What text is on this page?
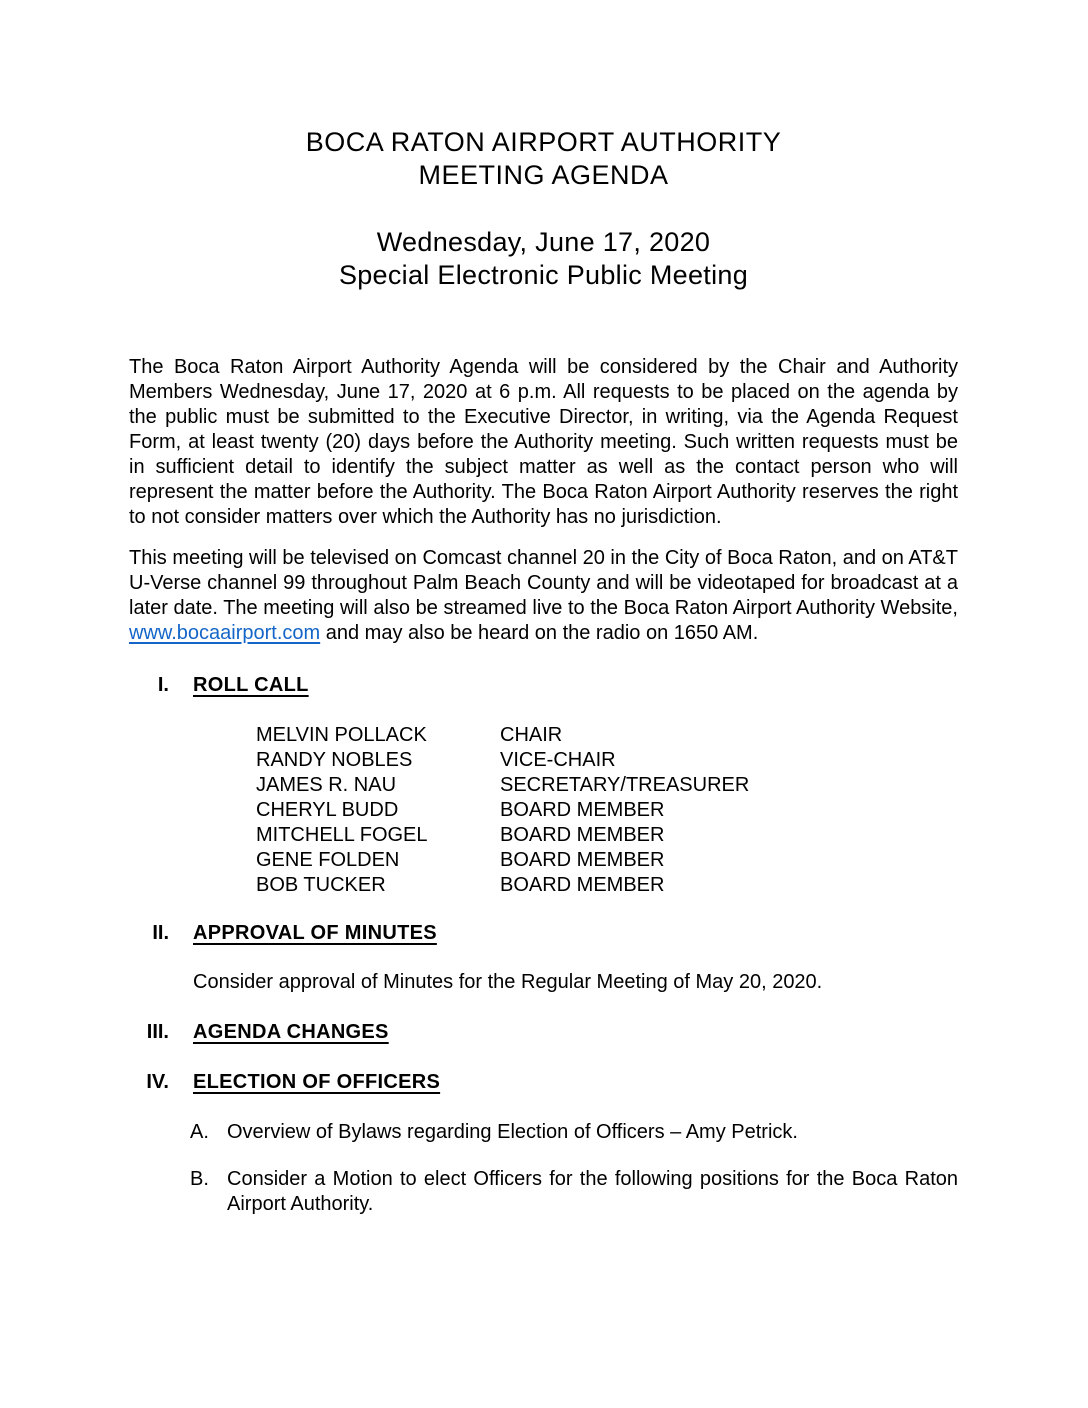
BOCA RATON AIRPORT AUTHORITY
MEETING AGENDA
Wednesday, June 17, 2020
Special Electronic Public Meeting

The Boca Raton Airport Authority Agenda will be considered by the Chair and Authority Members Wednesday, June 17, 2020 at 6 p.m. All requests to be placed on the agenda by the public must be submitted to the Executive Director, in writing, via the Agenda Request Form, at least twenty (20) days before the Authority meeting. Such written requests must be in sufficient detail to identify the subject matter as well as the contact person who will represent the matter before the Authority. The Boca Raton Airport Authority reserves the right to not consider matters over which the Authority has no jurisdiction.

This meeting will be televised on Comcast channel 20 in the City of Boca Raton, and on AT&T U-Verse channel 99 throughout Palm Beach County and will be videotaped for broadcast at a later date. The meeting will also be streamed live to the Boca Raton Airport Authority Website, www.bocaairport.com and may also be heard on the radio on 1650 AM.

I. ROLL CALL
MELVIN POLLACK	CHAIR
RANDY NOBLES	VICE-CHAIR
JAMES R. NAU	SECRETARY/TREASURER
CHERYL BUDD	BOARD MEMBER
MITCHELL FOGEL	BOARD MEMBER
GENE FOLDEN	BOARD MEMBER
BOB TUCKER	BOARD MEMBER
II. APPROVAL OF MINUTES

Consider approval of Minutes for the Regular Meeting of May 20, 2020.

III. AGENDA CHANGES
IV. ELECTION OF OFFICERS
A. Overview of Bylaws regarding Election of Officers – Amy Petrick.
B. Consider a Motion to elect Officers for the following positions for the Boca Raton Airport Authority.
